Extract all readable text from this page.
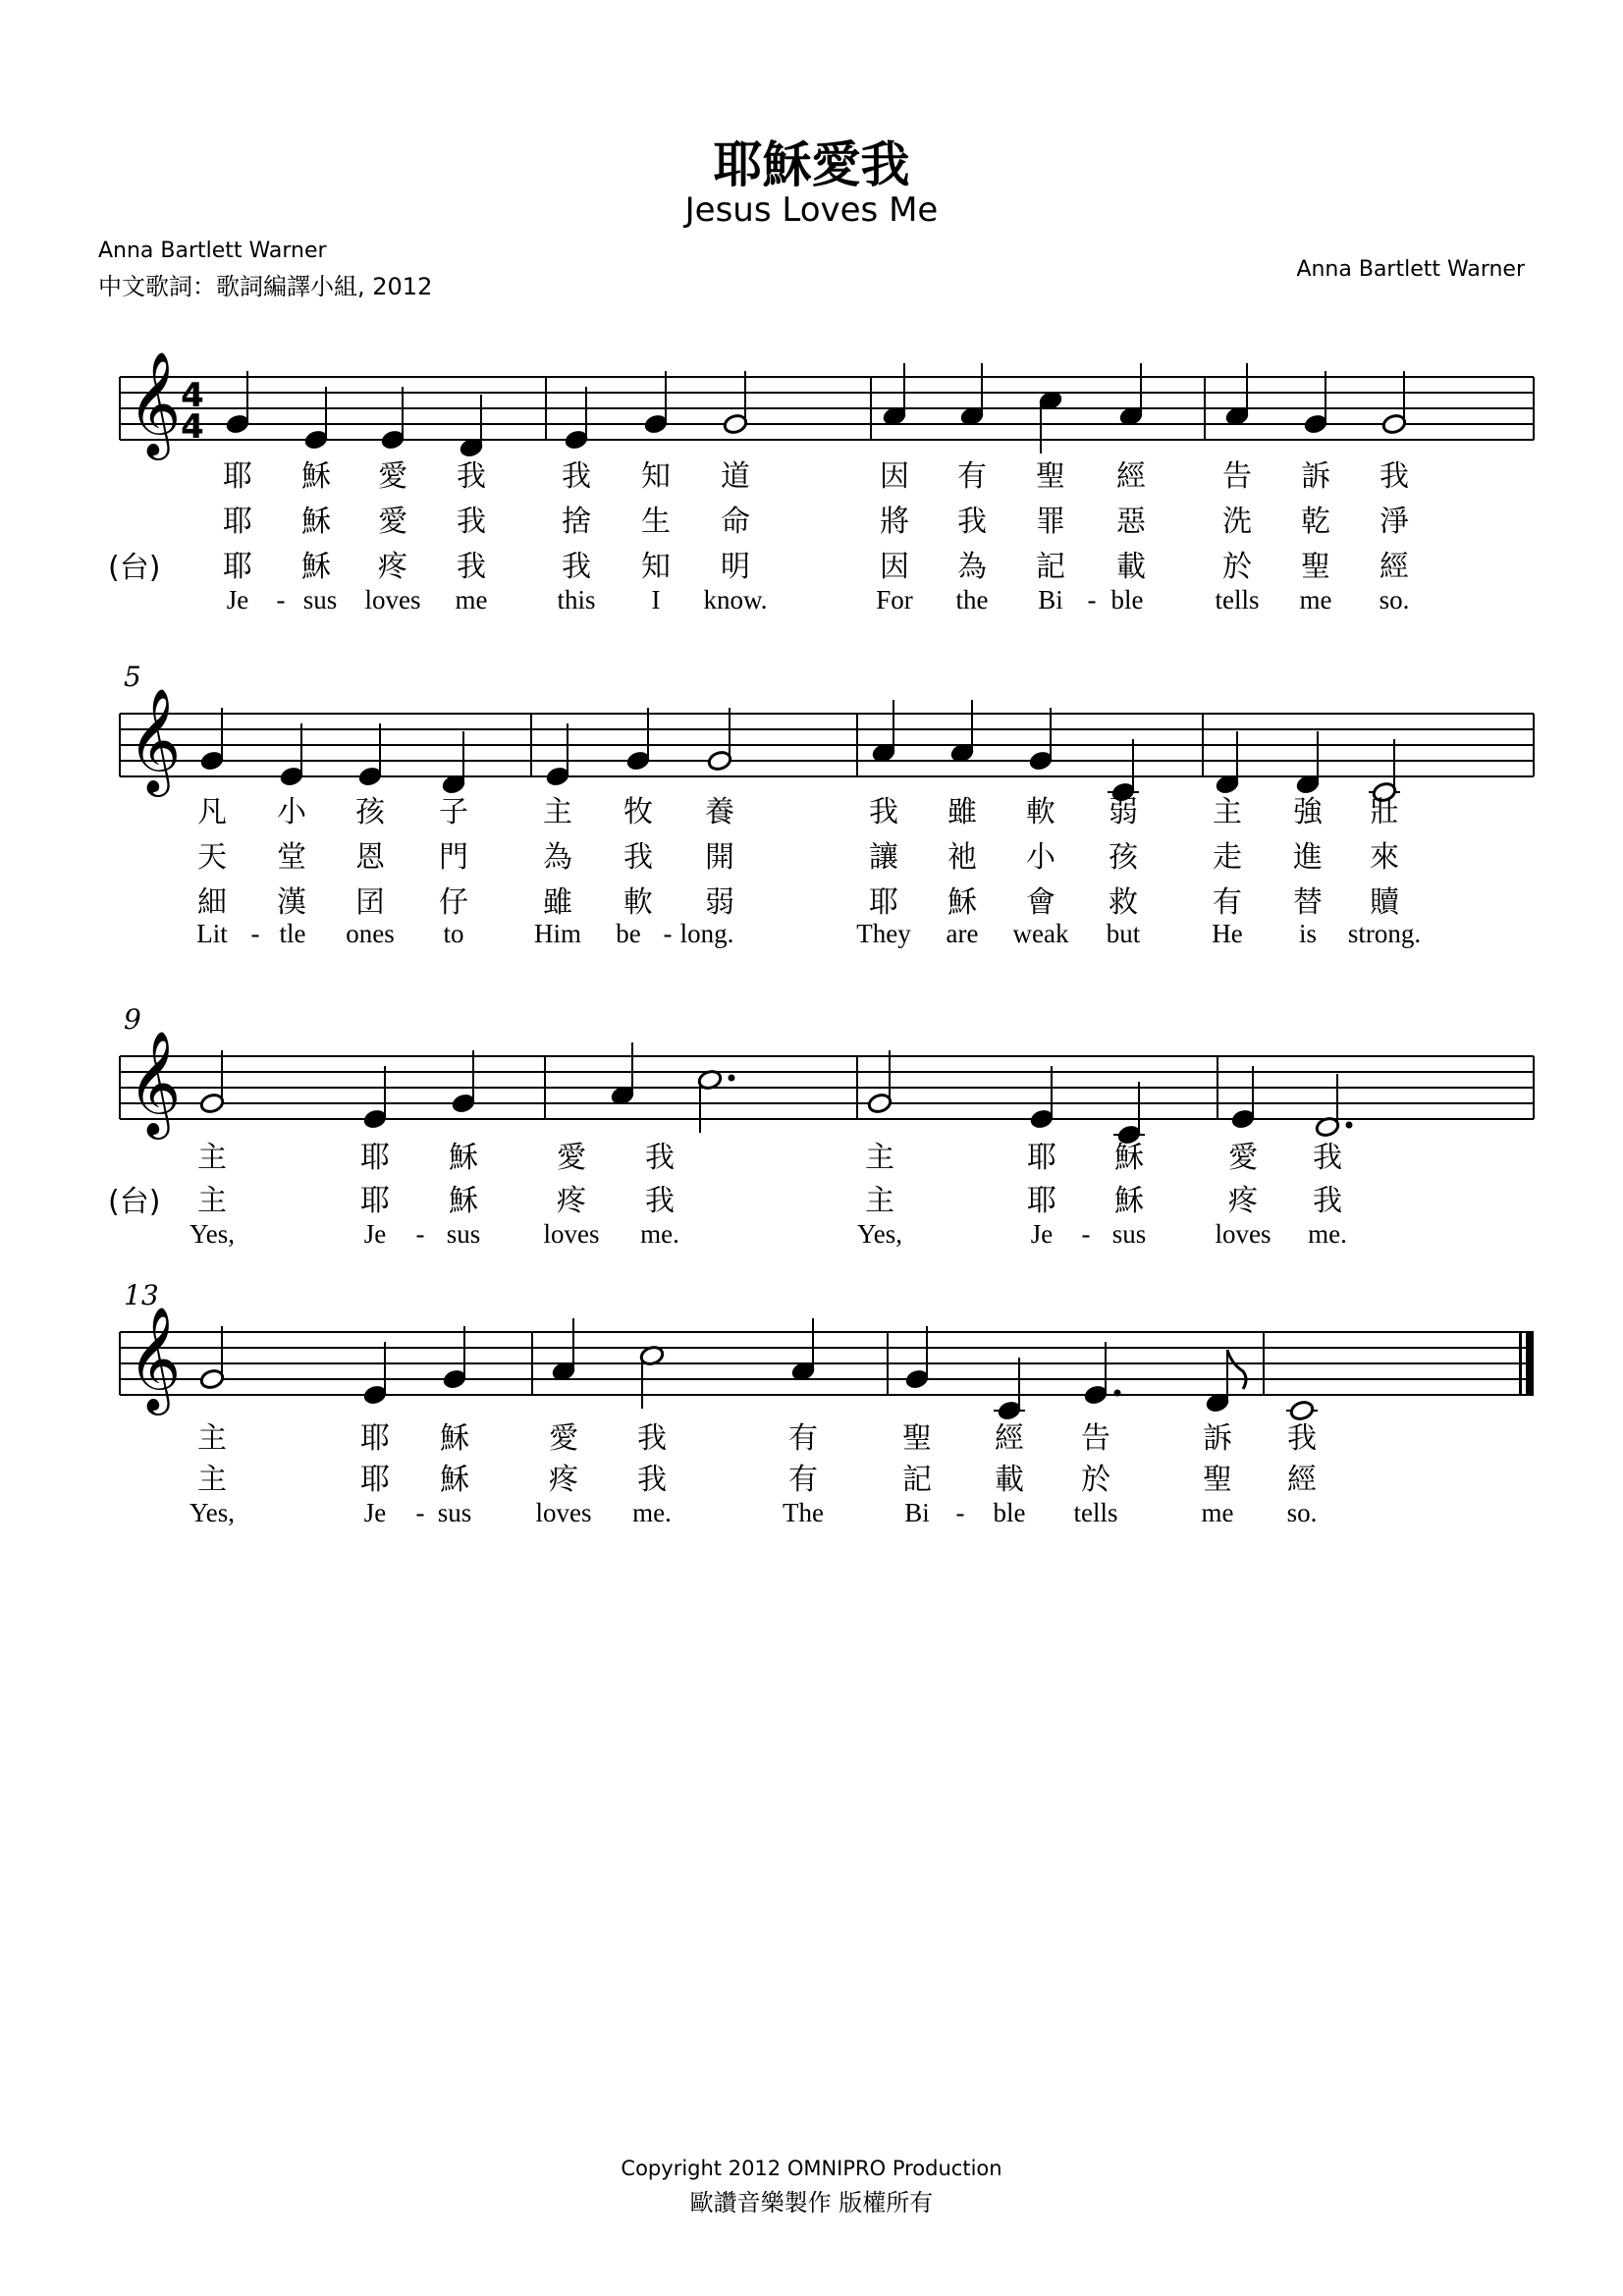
耶穌愛我
Jesus Loves Me
Anna Bartlett Warner
中文歌詞：歌詞編譯小組, 2012
Anna Bartlett Warner
𝄞 4
4
(台)
耶 穌 愛 我	我 知 道	因 有 聖 經	告 訴 我
耶 穌 愛 我	捨 生 命	將 我 罪 惡	洗 乾 淨
耶 穌 疼 我	我 知 明	因 為 記 載	於 聖 經
Je - sus loves me	this I know.	For the Bi - ble	tells me so.
5
𝄞
凡 小 孩 子	主 牧 養	我 雖 軟 弱	主 強 壯
天 堂 恩 門	為 我 開	讓 祂 小 孩	走 進 來
細 漢 囝 仔	雖 軟 弱	耶 穌 會 救	有 替 贖
Lit - tle ones to	Him be - long.	They are weak but	He is strong.
9
𝄞
(台)
主	耶 穌	愛 我	主	耶 穌	愛 我
主	耶 穌	疼 我	主	耶 穌	疼 我
Yes,	Je - sus loves me.	Yes,	Je - sus	loves me.
13
𝄞
主	耶 穌	愛 我	有	聖 經 告	訴 我
主	耶 穌	疼 我	有	記 載 於	聖 經
Yes,	Je - sus loves me.	The	Bi - ble tells	me so.
Copyright 2012 OMNIPRO Production
歐讚音樂製作 版權所有
